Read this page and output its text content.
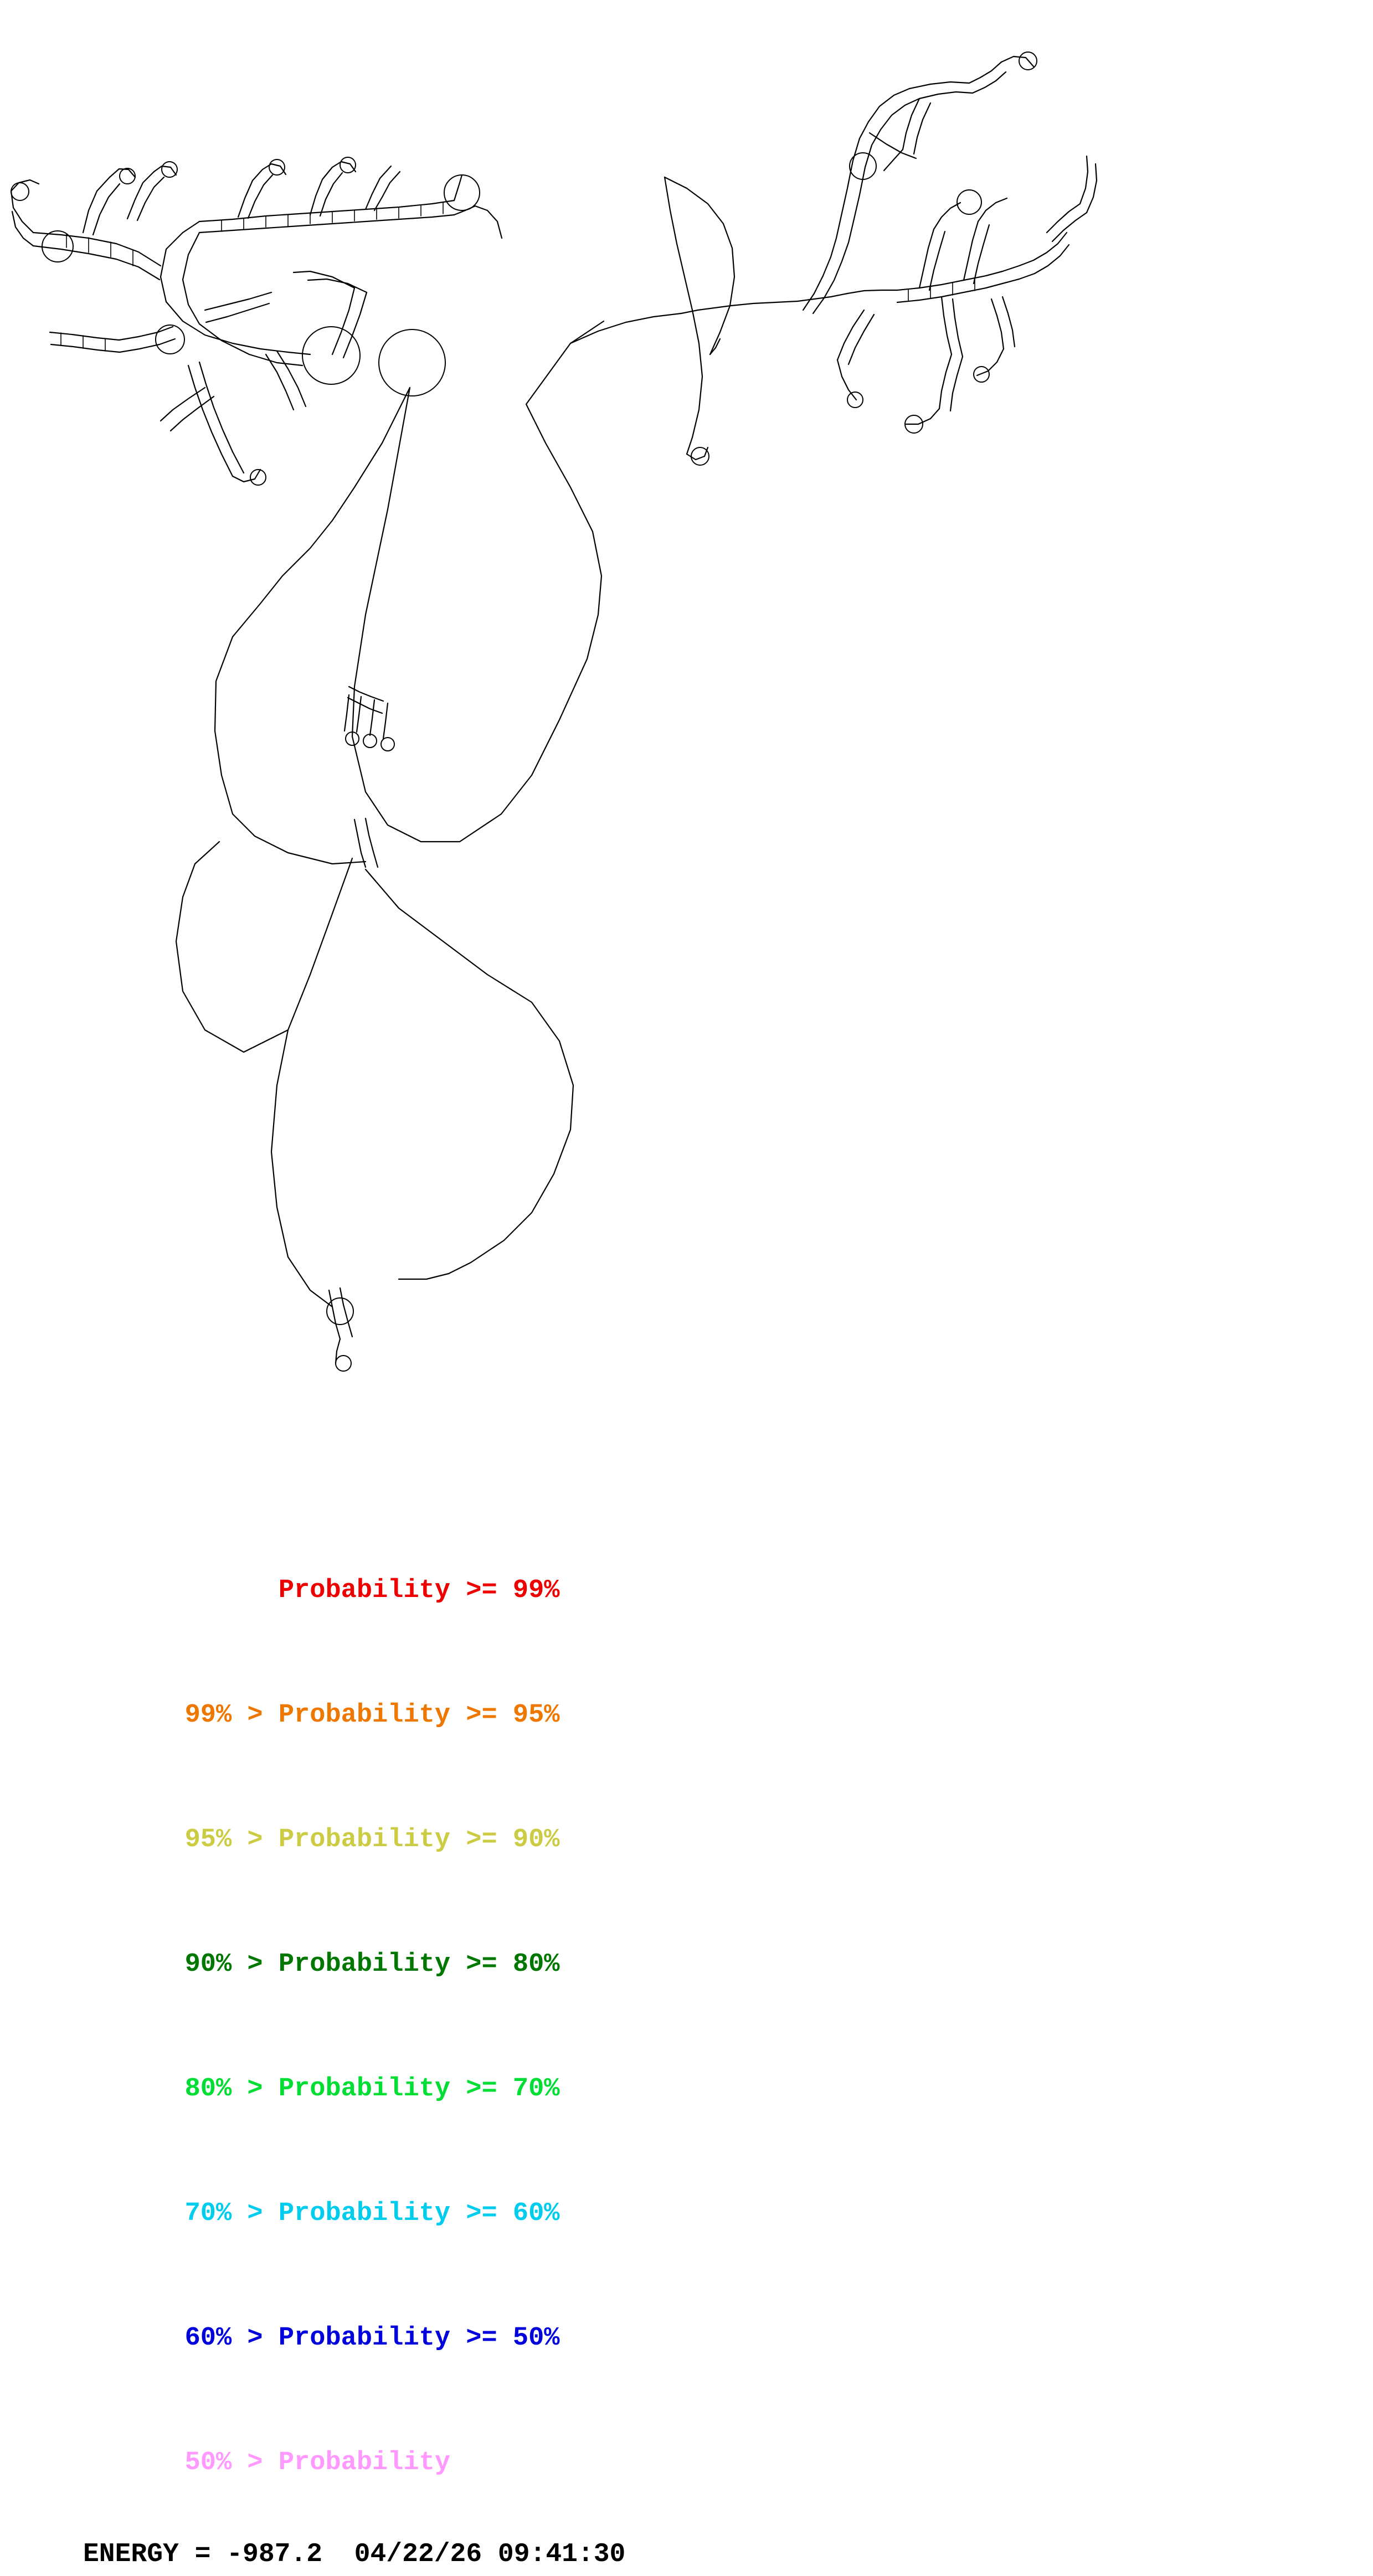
Probability >= 99%

99% > Probability >= 95%

95% > Probability >= 90%

90% > Probability >= 80%

80% > Probability >= 70%

70% > Probability >= 60%

60% > Probability >= 50%

50% > Probability

ENERGY = -987.2  04/22/26 09:41:30
